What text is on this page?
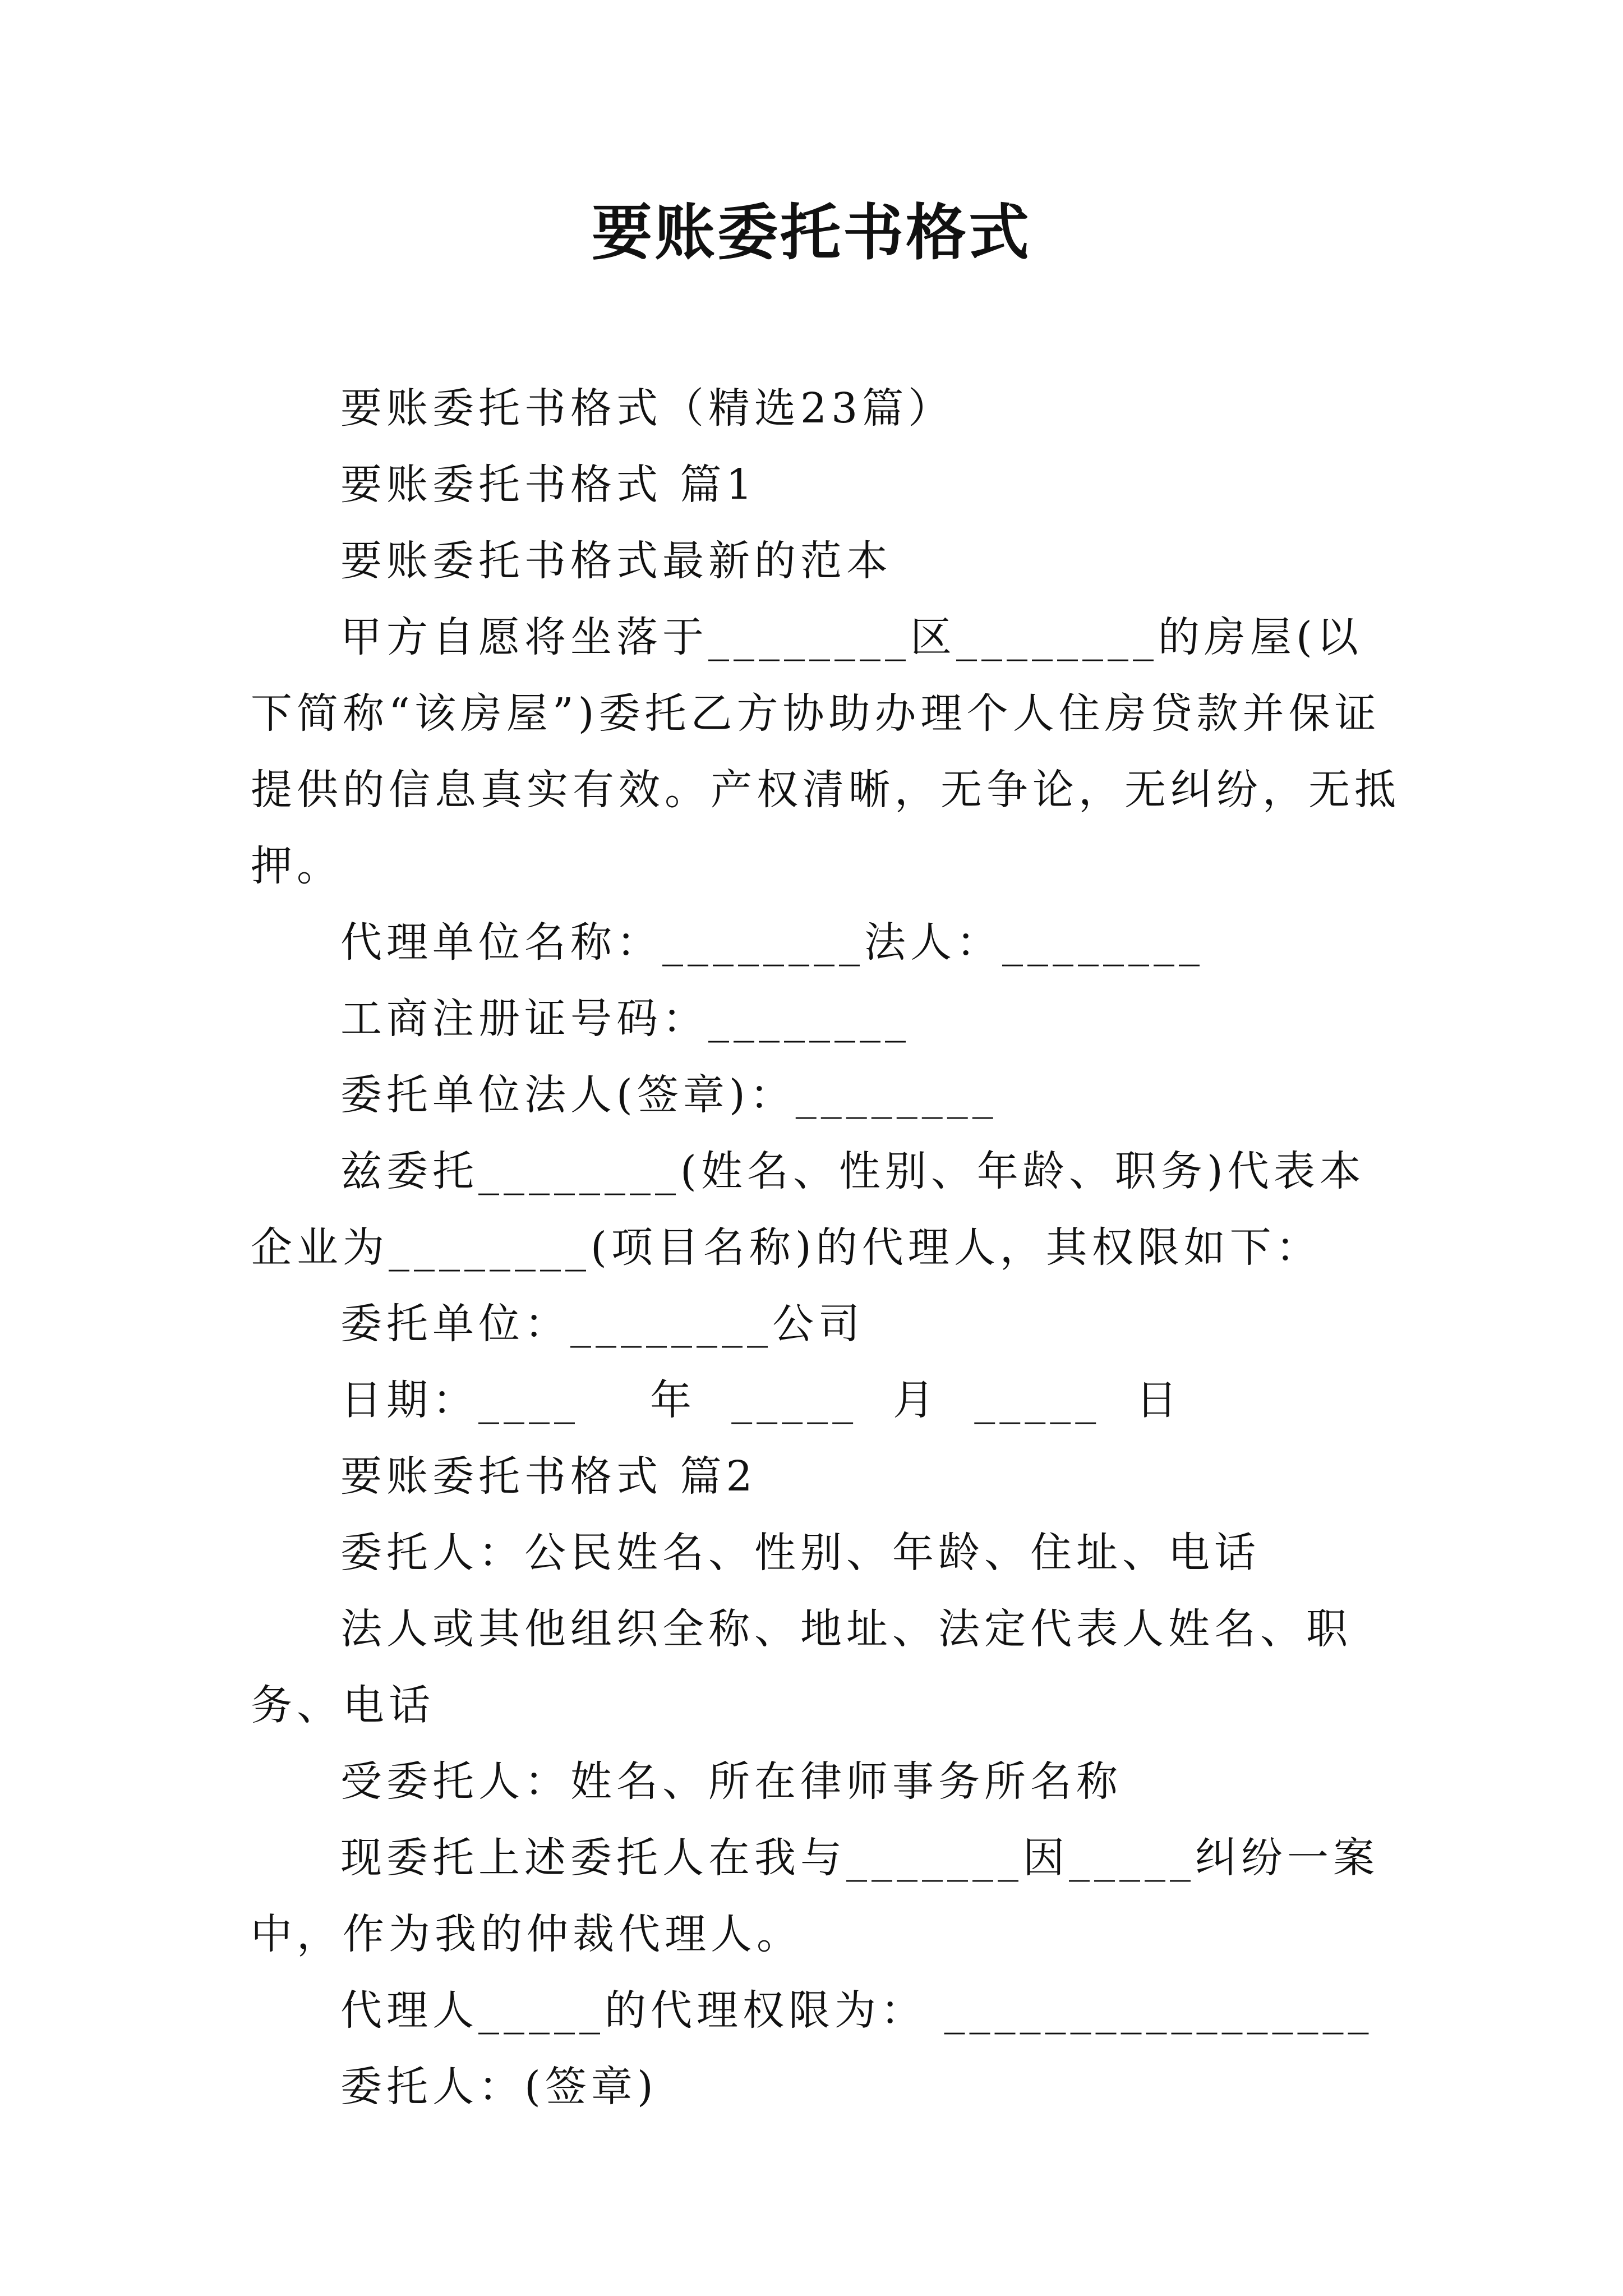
要账委托书格式

要账委托书格式（精选23篇）

要账委托书格式 篇1

要账委托书格式最新的范本

甲方自愿将坐落于________区________的房屋(以下简称“该房屋”)委托乙方协助办理个人住房贷款并保证提供的信息真实有效。产权清晰，无争论，无纠纷，无抵押。

代理单位名称：________法人：________

工商注册证号码：________

委托单位法人(签章)：________

兹委托________(姓名、性别、年龄、职务)代表本企业为________(项目名称)的代理人，其权限如下：

委托单位：________公司

日期：____    年  _____  月  _____  日

要账委托书格式 篇2

委托人：公民姓名、性别、年龄、住址、电话

法人或其他组织全称、地址、法定代表人姓名、职务、电话

受委托人：姓名、所在律师事务所名称

现委托上述委托人在我与_______因_____纠纷一案中，作为我的仲裁代理人。

代理人_____的代理权限为： _________________

委托人：(签章)
